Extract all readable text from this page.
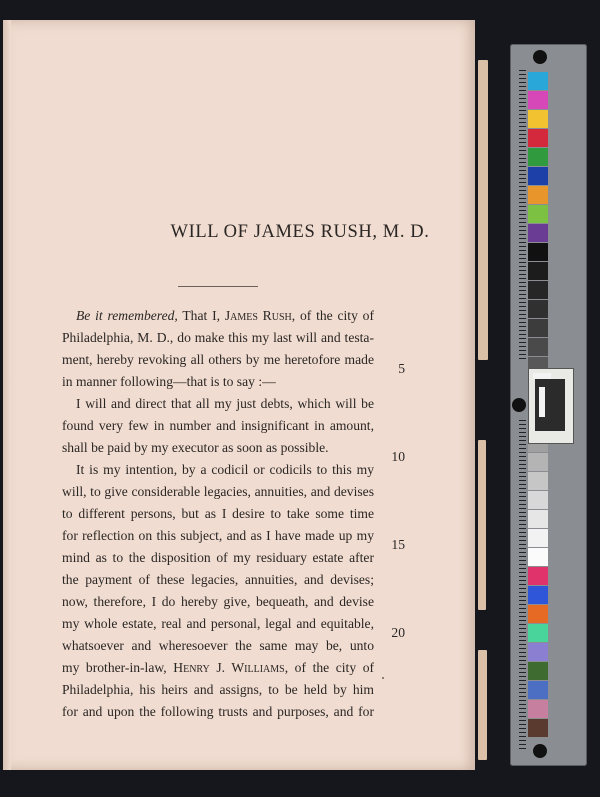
WILL OF JAMES RUSH, M. D.
Be it remembered, That I, James Rush, of the city of
Philadelphia, M. D., do make this my last will and testa-
ment, hereby revoking all others by me heretofore made
in manner following—that is to say :—
I will and direct that all my just debts, which will be
found very few in number and insignificant in amount,
shall be paid by my executor as soon as possible.
It is my intention, by a codicil or codicils to this my
will, to give considerable legacies, annuities, and devises
to different persons, but as I desire to take some time
for reflection on this subject, and as I have made up my
mind as to the disposition of my residuary estate after
the payment of these legacies, annuities, and devises;
now, therefore, I do hereby give, bequeath, and devise
my whole estate, real and personal, legal and equitable,
whatsoever and wheresoever the same may be, unto
my brother-in-law, Henry J. Williams, of the city of
Philadelphia, his heirs and assigns, to be held by him
for and upon the following trusts and purposes, and for
5
10
15
20
